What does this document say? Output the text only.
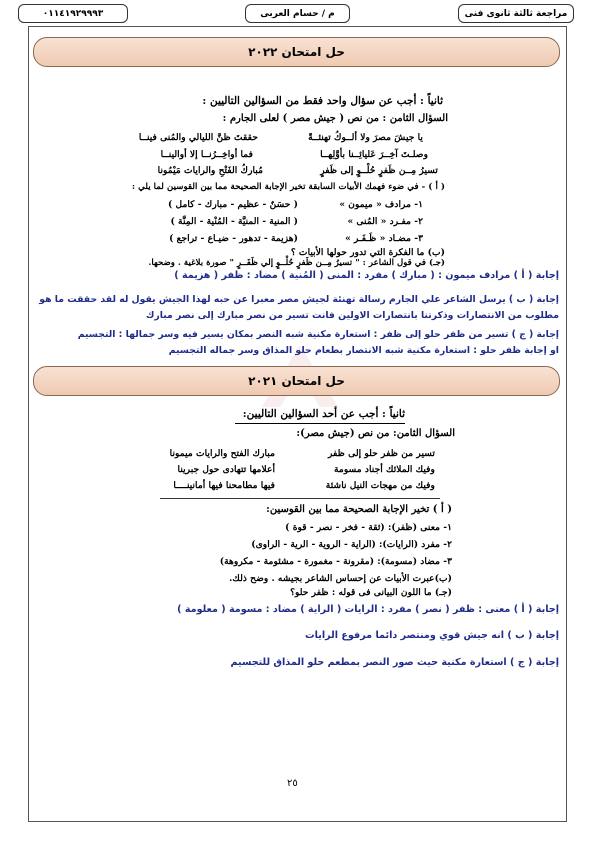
مراجعة ثالثة ثانوى فنى
م / حسام العربى
٠١١٤١٩٢٩٩٩٣
حل امتحان ٢٠٢٢
ثانياً : أجب عن سؤال واحد فقط من السؤالين التاليين :
السؤال الثامن : من نص ( جيش مصر ) لعلى الجارم :
يا جيشَ مصرَ ولا ألــوكُ تهنئــةً
حققتَ ظنَّ الليالي والمُنى فينــا
وصلـتَ آخِــرَ عَليائِــنا بأوَّلِهــا
فما أواخِــرُنــا إلا أوالينــا
تسيرُ مِــن ظَفرٍ حُلْــوٍ إلى ظَفرٍ
مُباركُ الفَتْحِ والرايات مَيْمُونا
( أ ) - في ضوء فهمك الأبيات السابقة تخير الإجابة الصحيحة مما بين القوسين لما يلي :
١- مرادف « ميمون »
( حسَنٌ - عظيم - مبارك - كامل )
٢- مفـرد « المُنى »
( المنية - المنيَّة - المُنْية - المِنَّة )
٣- مضـاد « ظَـفَـر »
(هزيمة - تدهور - ضيـاع - تراجع )
(ب) ما الفكرة التي تدور حولها الأبيات ؟
(جـ) في قول الشاعر : " تسيرُ مِــن ظَفرٍ حُلْــوٍ إلي ظَفَــرٍ " صورة بلاغية . وضحها.
إجابة ( أ ) مرادف ميمون : ( مبارك ) مفرد : المنى ( المُنية ) مضاد : ظفر ( هزيمة )
إجابة ( ب ) يرسل الشاعر علي الجارم رسالة تهنئة لجيش مصر معبرا عن حبه لهذا الجيش يقول له لقد حققت ما هو
مطلوب من الانتصارات وذكرتنا بانتصارات الاولين فانت تسير من نصر مبارك إلى نصر مبارك
إجابة ( ج ) تسير من ظفر حلو إلى ظفر : استعارة مكنية شبه النصر بمكان يسير فيه وسر جمالها : التجسيم
او إجابة ظفر حلو : استعارة مكنية شبه الانتصار بطعام حلو المذاق وسر جماله التجسيم
حل امتحان ٢٠٢١
ثانياً : أجب عن أحد السؤالين التاليين:
السؤال الثامن: من نص (جيش مصر):
تسير من ظفر حلو إلى ظفر
مبارك الفتح والرايات ميمونا
وفيك الملائك أجناد مسومة
أعلامها تتهادى حول جبرينا
وفيك من مهجات النيل ناشئة
فيها مطامحنا فيها أمانينــــا
( أ ) تخير الإجابة الصحيحة مما بين القوسين:
١- معنى (ظفر): (ثقة - فخر - نصر - قوة )
٢- مفرد (الرايات): (الراية - الروية - الرية - الراوى)
٣- مضاد (مسومة): (مقرونة - مغمورة - مشئومة - مكروهة)
(ب)عبرت الأبيات عن إحساس الشاعر بجيشه . وضح ذلك.
(جـ) ما اللون البيانى فى قوله : ظفر حلو؟
إجابة ( أ ) معنى : ظفر ( نصر ) مفرد : الرايات ( الراية ) مضاد : مسومة ( معلومة )
إجابة ( ب ) انه جيش قوي ومنتصر دائما مرفوع الرايات
إجابة ( ج ) استعارة مكنية حيث صور النصر بمطعم حلو المذاق للتجسيم
٢٥
